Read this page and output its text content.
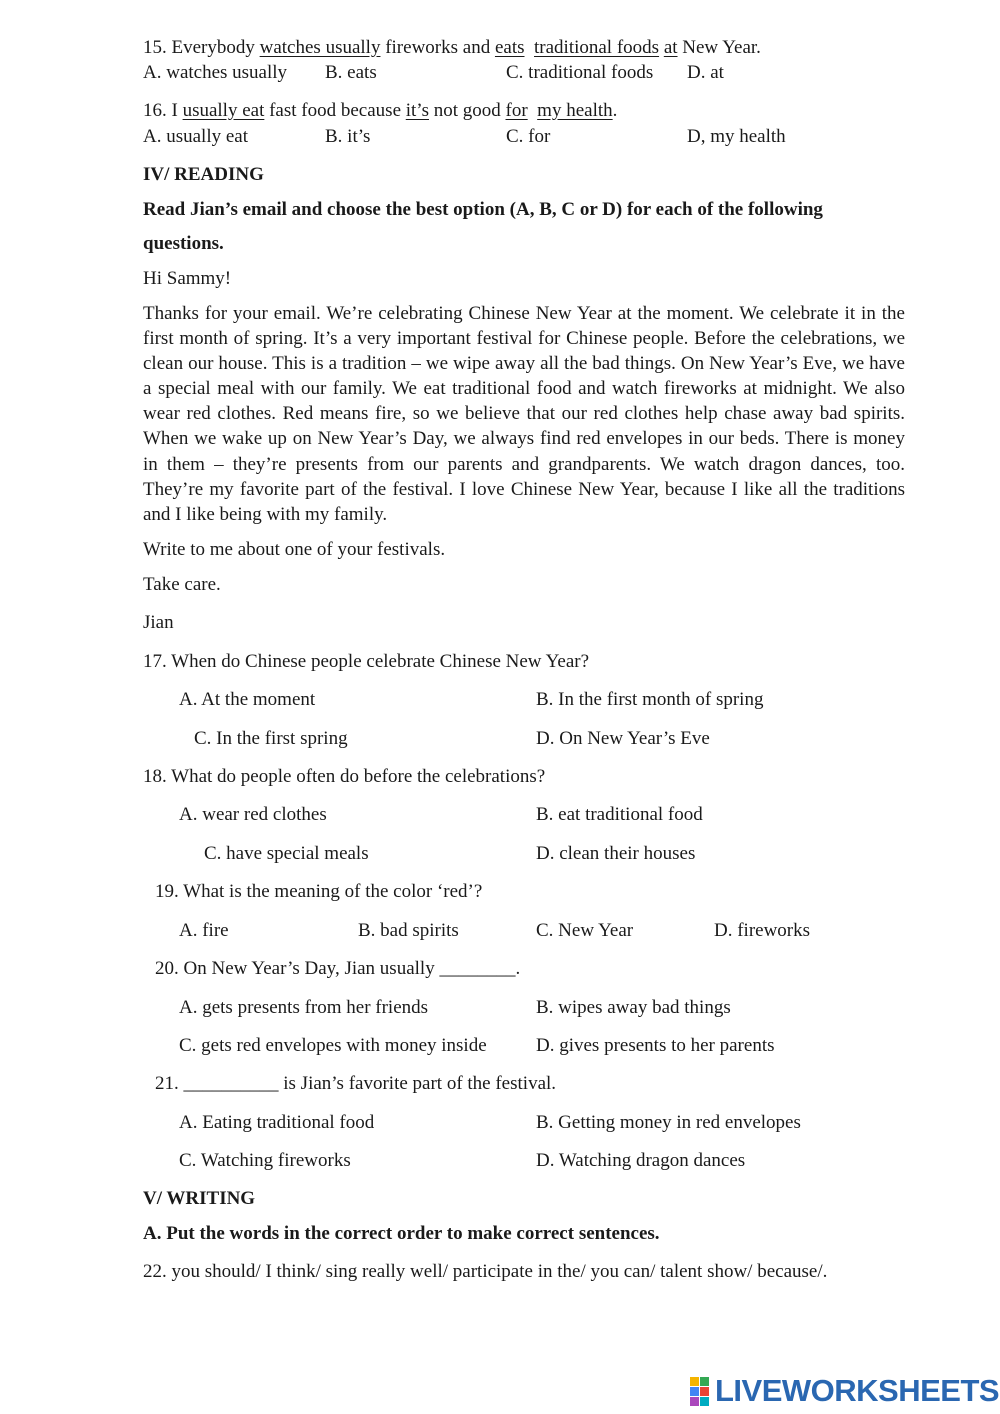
15. Everybody watches usually fireworks and eats traditional foods at New Year.
A. watches usually B. eats	C. traditional foods D. at
16. I usually eat fast food because it’s not good for my health.
A. usually eat	B. it’s	C. for	D, my health
IV/ READING
Read Jian’s email and choose the best option (A, B, C or D) for each of the following
questions.
Hi Sammy!
Thanks for your email. We’re celebrating Chinese New Year at the moment. We celebrate it in the first month of spring. It’s a very important festival for Chinese people. Before the celebrations, we clean our house. This is a tradition – we wipe away all the bad things. On New Year’s Eve, we have a special meal with our family. We eat traditional food and watch fireworks at midnight. We also wear red clothes. Red means fire, so we believe that our red clothes help chase away bad spirits. When we wake up on New Year’s Day, we always find red envelopes in our beds. There is money in them – they’re presents from our parents and grandparents. We watch dragon dances, too. They’re my favorite part of the festival. I love Chinese New Year, because I like all the traditions and I like being with my family.
Write to me about one of your festivals.
Take care.
Jian
17. When do Chinese people celebrate Chinese New Year?
A. At the moment	B. In the first month of spring
C. In the first spring	D. On New Year’s Eve
18. What do people often do before the celebrations?
A. wear red clothes	B. eat traditional food
C. have special meals	D. clean their houses
19. What is the meaning of the color ‘red’?
A. fire	B. bad spirits	C. New Year	D. fireworks
20. On New Year’s Day, Jian usually ________.
A. gets presents from her friends	B. wipes away bad things
C. gets red envelopes with money inside	D. gives presents to her parents
21. __________ is Jian’s favorite part of the festival.
A. Eating traditional food	B. Getting money in red envelopes
C. Watching fireworks	D. Watching dragon dances
V/ WRITING
A. Put the words in the correct order to make correct sentences.
22. you should/ I think/ sing really well/ participate in the/ you can/ talent show/ because/.
LIVEWORKSHEETS
